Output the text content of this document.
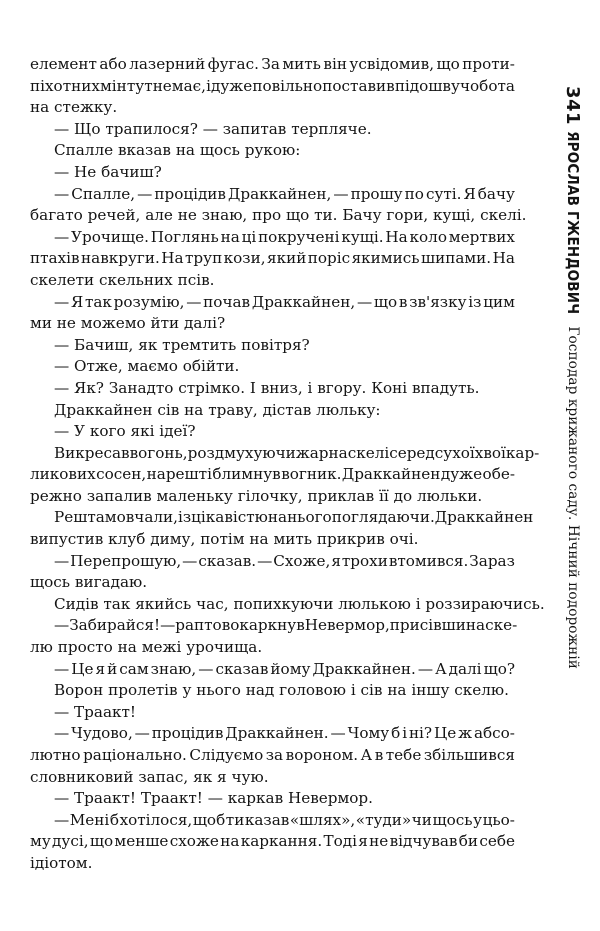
елемент або лазерний фугас. За мить він усвідомив, що проти-
піхотних мін тут немає, і дуже повільно поставив підошву чобота
на стежку.
— Що трапилося? — запитав терпляче.
Спалле вказав на щось рукою:
— Не бачиш?
— Спалле, — процідив Драккайнен, — прошу по суті. Я бачу
багато речей, але не знаю, про що ти. Бачу гори, кущі, скелі.
— Урочище. Поглянь на ці покручені кущі. На коло мертвих
птахів навкруги. На труп кози, який поріс якимись шипами. На
скелети скельних псів.
— Я так розумію, — почав Драккайнен, — що в зв'язку із цим
ми не можемо йти далі?
— Бачиш, як тремтить повітря?
— Отже, маємо обійти.
— Як? Занадто стрімко. І вниз, і вгору. Коні впадуть.
Драккайнен сів на траву, дістав люльку:
— У кого які ідеї?
Викресав вогонь, роздмухуючи жар на скелі серед сухої хвої кар-
ликових сосен, нарешті блимнув вогник. Драккайнен дуже обе-
режно запалив маленьку гілочку, приклав її до люльки.
Решта мовчали, із цікавістю на нього поглядаючи. Драккайнен
випустив клуб диму, потім на мить прикрив очі.
— Перепрошую, — сказав. — Схоже, я трохи втомився. Зараз
щось вигадаю.
Сидів так якийсь час, попихкуючи люлькою і роззираючись.
— Забирайся! — раптово каркнув Невермор, присівши на ске-
лю просто на межі урочища.
— Це я й сам знаю, — сказав йому Драккайнен. — А далі що?
Ворон пролетів у нього над головою і сів на іншу скелю.
— Траакт!
— Чудово, — процідив Драккайнен. — Чому б і ні? Це ж абсо-
лютно раціонально. Слідуємо за вороном. А в тебе збільшився
словниковий запас, як я чую.
— Траакт! Траакт! — каркав Невермор.
— Мені б хотілося, щоб ти казав «шлях», «туди» чи щось у цьо-
му дусі, що менше схоже на каркання. Тоді я не відчував би себе
ідіотом.
341
ЯРОСЛАВ ГЖЕНДОВИЧ
Господар крижаного саду. Нічний подорожній
